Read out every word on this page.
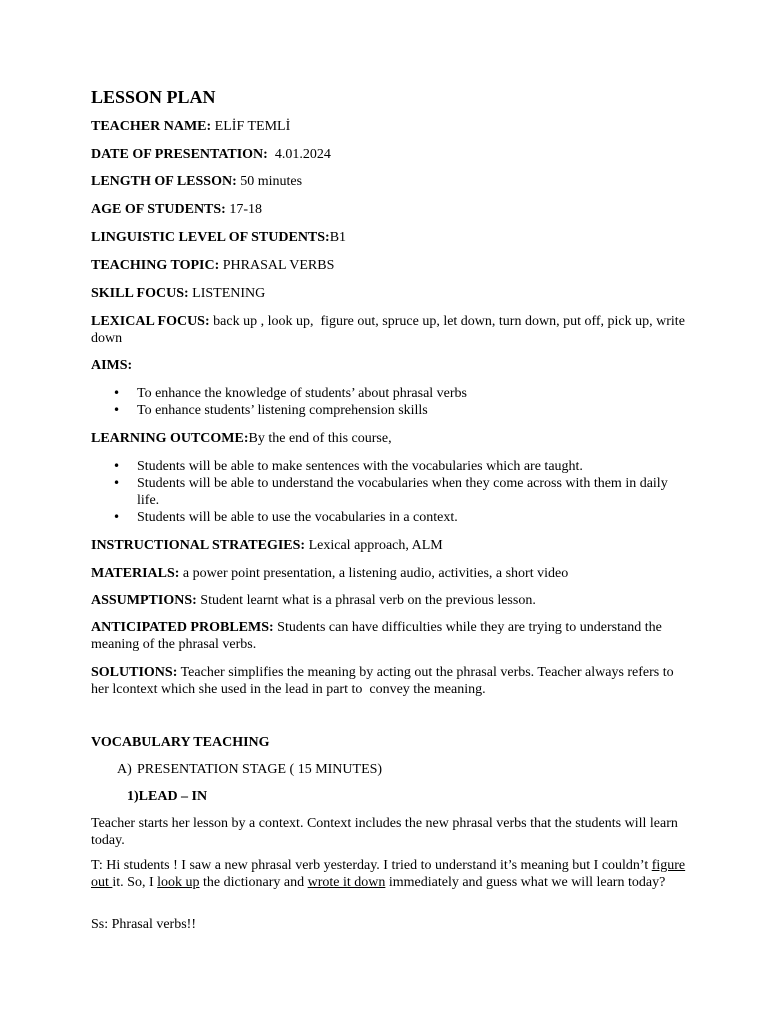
LESSON PLAN
TEACHER NAME: ELİF TEMLİ
DATE OF PRESENTATION:  4.01.2024
LENGTH OF LESSON: 50 minutes
AGE OF STUDENTS: 17-18
LINGUISTIC LEVEL OF STUDENTS:B1
TEACHING TOPIC: PHRASAL VERBS
SKILL FOCUS: LISTENING
LEXICAL FOCUS: back up , look up,  figure out, spruce up, let down, turn down, put off, pick up, write down
AIMS:
• To enhance the knowledge of students’ about phrasal verbs
• To enhance students’ listening comprehension skills
LEARNING OUTCOME:By the end of this course,
• Students will be able to make sentences with the vocabularies which are taught.
• Students will be able to understand the vocabularies when they come across with them in daily life.
• Students will be able to use the vocabularies in a context.
INSTRUCTIONAL STRATEGIES: Lexical approach, ALM
MATERIALS: a power point presentation, a listening audio, activities, a short video
ASSUMPTIONS: Student learnt what is a phrasal verb on the previous lesson.
ANTICIPATED PROBLEMS: Students can have difficulties while they are trying to understand the meaning of the phrasal verbs.
SOLUTIONS: Teacher simplifies the meaning by acting out the phrasal verbs. Teacher always refers to her lcontext which she used in the lead in part to  convey the meaning.
VOCABULARY TEACHING
A) PRESENTATION STAGE ( 15 MINUTES)
1)LEAD – IN
Teacher starts her lesson by a context. Context includes the new phrasal verbs that the students will learn today.
T: Hi students ! I saw a new phrasal verb yesterday. I tried to understand it’s meaning but I couldn’t figure out it. So, I look up the dictionary and wrote it down immediately and guess what we will learn today?
Ss: Phrasal verbs!!
